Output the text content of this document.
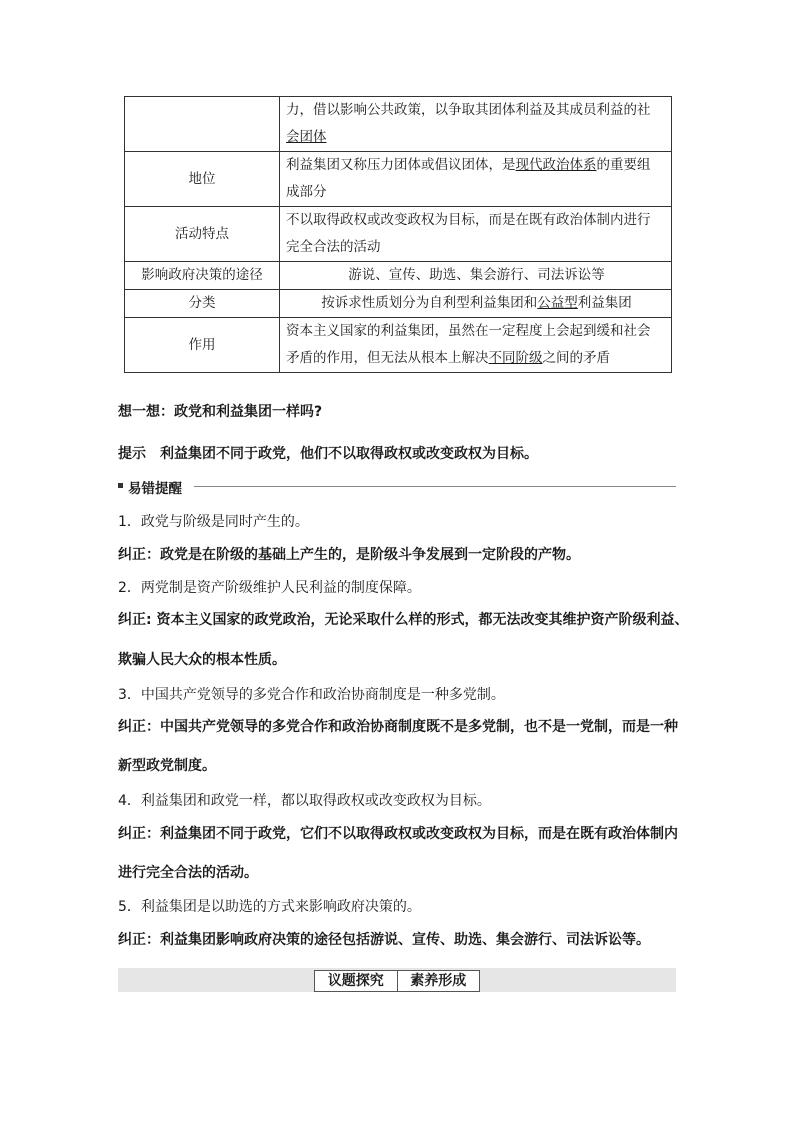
	力，借以影响公共政策，以争取其团体利益及其成员利益的社
会团体
地位	利益集团又称压力团体或倡议团体，是现代政治体系的重要组
成部分
活动特点	不以取得政权或改变政权为目标，而是在既有政治体制内进行
完全合法的活动
影响政府决策的途径	游说、宣传、助选、集会游行、司法诉讼等
分类	按诉求性质划分为自利型利益集团和公益型利益集团
作用	资本主义国家的利益集团，虽然在一定程度上会起到缓和社会
矛盾的作用，但无法从根本上解决不同阶级之间的矛盾
想一想：政党和利益集团一样吗?
提示　利益集团不同于政党，他们不以取得政权或改变政权为目标。
易错提醒
1．政党与阶级是同时产生的。
纠正：政党是在阶级的基础上产生的，是阶级斗争发展到一定阶段的产物。
2．两党制是资产阶级维护人民利益的制度保障。
纠正: 资本主义国家的政党政治，无论采取什么样的形式，都无法改变其维护资产阶级利益、
欺骗人民大众的根本性质。
3．中国共产党领导的多党合作和政治协商制度是一种多党制。
纠正：中国共产党领导的多党合作和政治协商制度既不是多党制，也不是一党制，而是一种
新型政党制度。
4．利益集团和政党一样，都以取得政权或改变政权为目标。
纠正：利益集团不同于政党，它们不以取得政权或改变政权为目标，而是在既有政治体制内
进行完全合法的活动。
5．利益集团是以助选的方式来影响政府决策的。
纠正：利益集团影响政府决策的途径包括游说、宣传、助选、集会游行、司法诉讼等。
议题探究	素养形成
